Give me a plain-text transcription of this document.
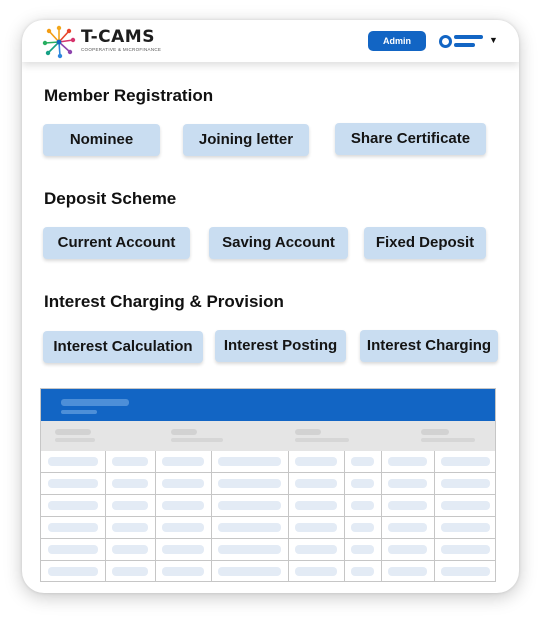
T-CAMS
COOPERATIVE & MICROFINANCE
Admin	▼
Member Registration
Nominee	Joining letter	Share Certificate
Deposit Scheme
Current Account	Saving Account	Fixed Deposit
Interest Charging & Provision
Interest Calculation	Interest Posting	Interest Charging
